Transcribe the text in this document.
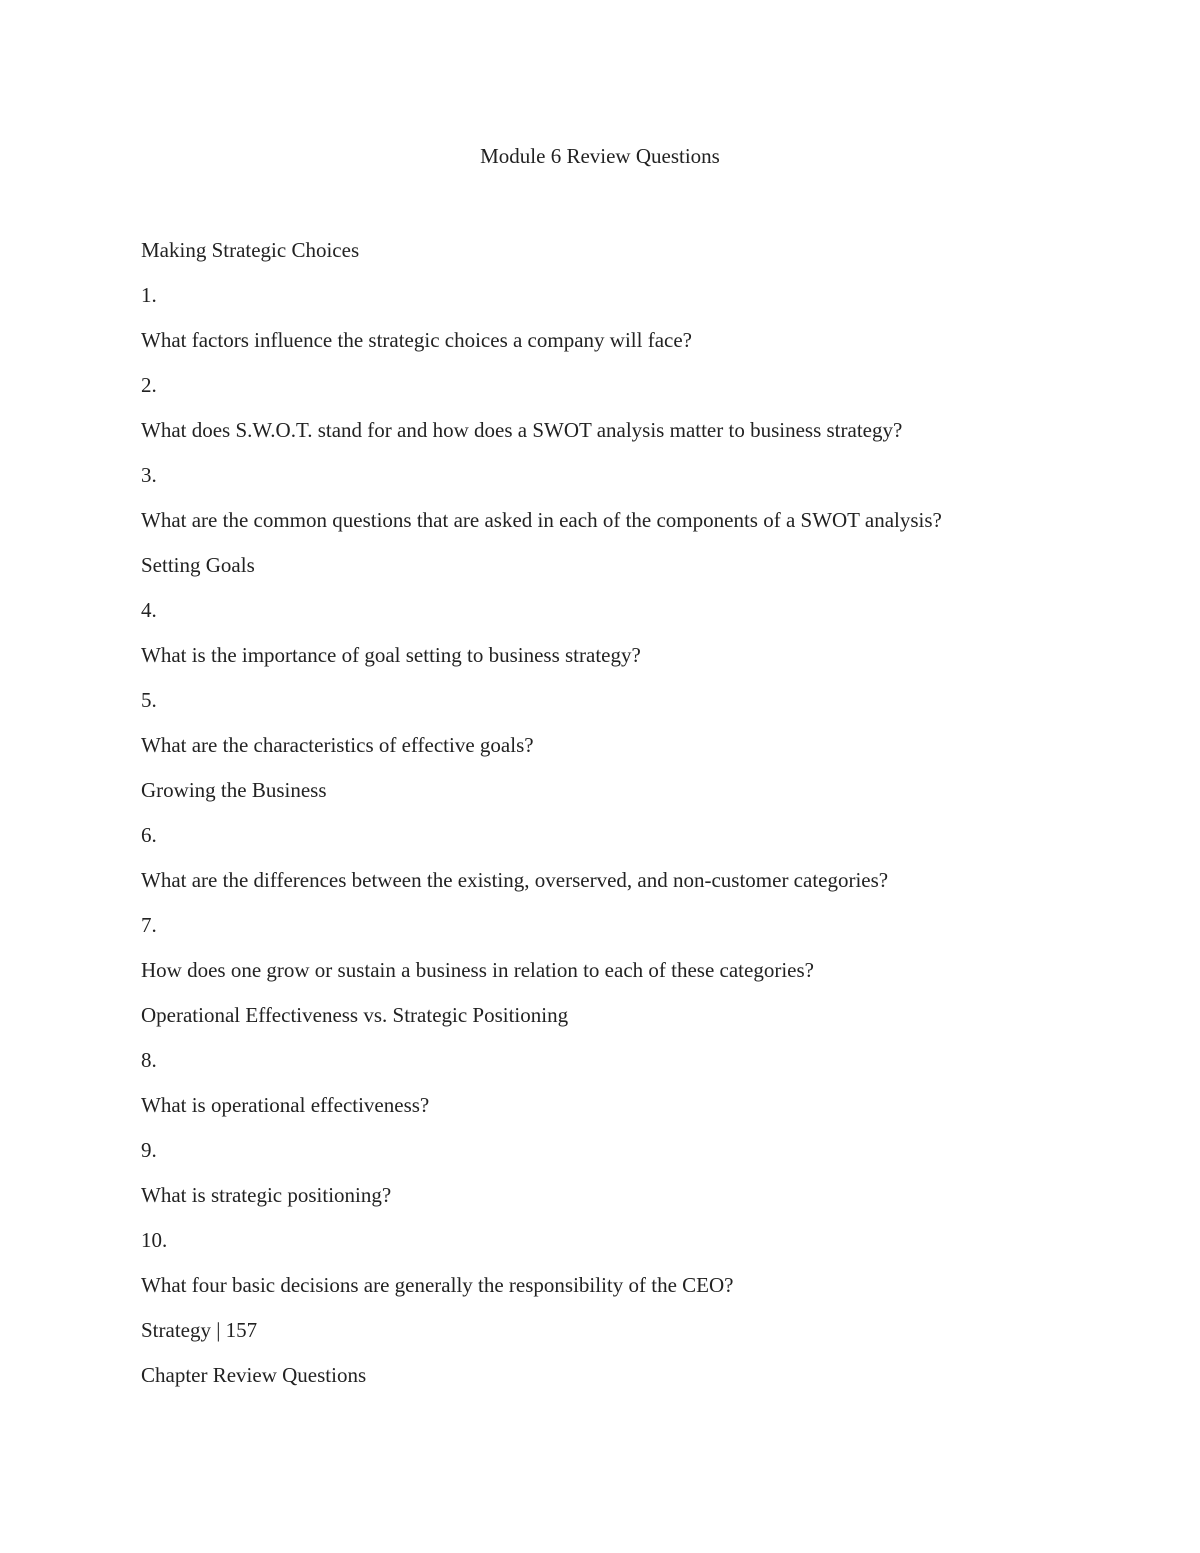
Module 6 Review Questions

Making Strategic Choices

1.

What factors influence the strategic choices a company will face?

2.

What does S.W.O.T. stand for and how does a SWOT analysis matter to business strategy?

3.

What are the common questions that are asked in each of the components of a SWOT analysis?

Setting Goals

4.

What is the importance of goal setting to business strategy?

5.

What are the characteristics of effective goals?

Growing the Business

6.

What are the differences between the existing, overserved, and non-customer categories?

7.

How does one grow or sustain a business in relation to each of these categories?

Operational Effectiveness vs. Strategic Positioning

8.

What is operational effectiveness?

9.

What is strategic positioning?

10.

What four basic decisions are generally the responsibility of the CEO?

Strategy | 157

Chapter Review Questions
